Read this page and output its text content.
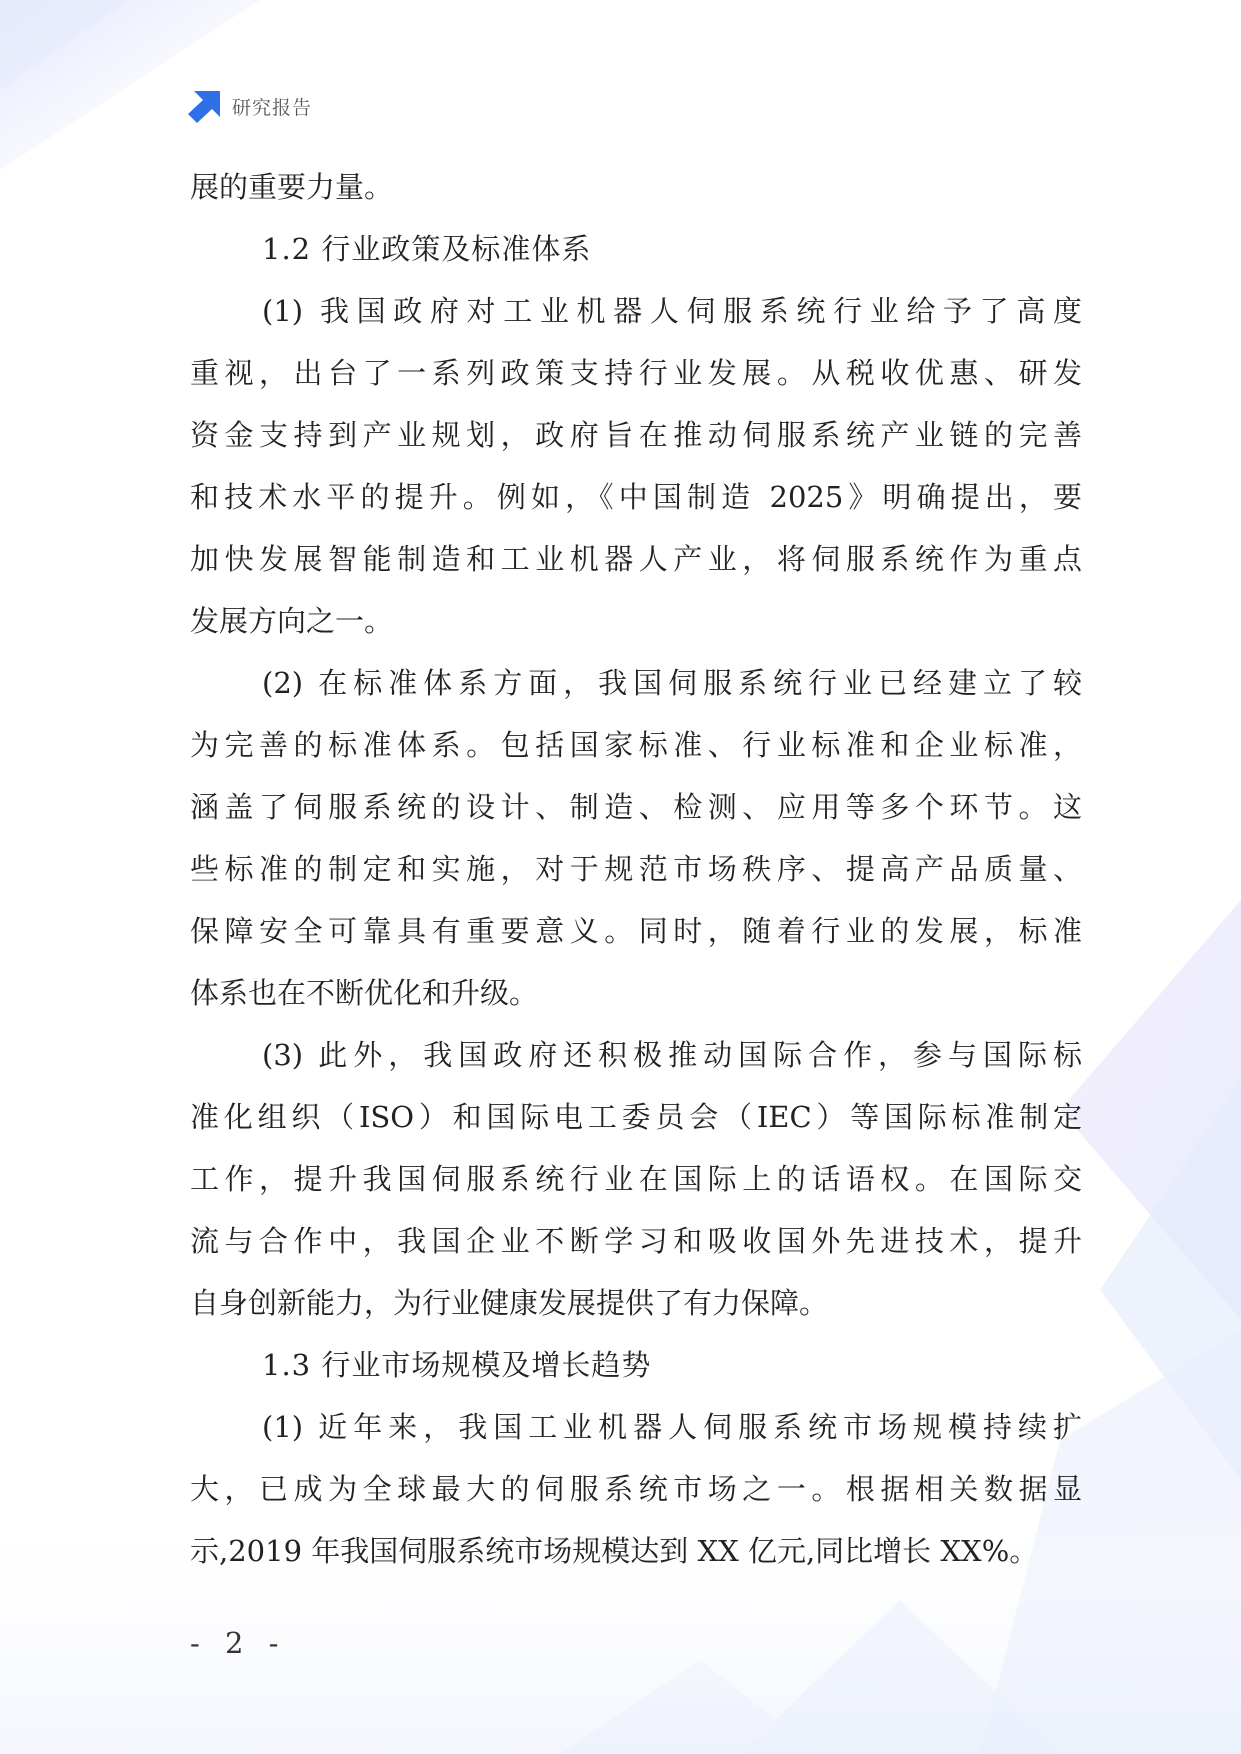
研究报告
展的重要力量。
1.2 行业政策及标准体系
(1) 我国政府对工业机器人伺服系统行业给予了高度
重视，出台了一系列政策支持行业发展。从税收优惠、研发
资金支持到产业规划，政府旨在推动伺服系统产业链的完善
和技术水平的提升。例如，《中国制造 2025》明确提出，要
加快发展智能制造和工业机器人产业，将伺服系统作为重点
发展方向之一。
(2) 在标准体系方面，我国伺服系统行业已经建立了较
为完善的标准体系。包括国家标准、行业标准和企业标准，
涵盖了伺服系统的设计、制造、检测、应用等多个环节。这
些标准的制定和实施，对于规范市场秩序、提高产品质量、
保障安全可靠具有重要意义。同时，随着行业的发展，标准
体系也在不断优化和升级。
(3) 此外，我国政府还积极推动国际合作，参与国际标
准化组织（ISO）和国际电工委员会（IEC）等国际标准制定
工作，提升我国伺服系统行业在国际上的话语权。在国际交
流与合作中，我国企业不断学习和吸收国外先进技术，提升
自身创新能力，为行业健康发展提供了有力保障。
1.3 行业市场规模及增长趋势
(1) 近年来，我国工业机器人伺服系统市场规模持续扩
大，已成为全球最大的伺服系统市场之一。根据相关数据显
示,2019 年我国伺服系统市场规模达到 XX 亿元,同比增长 XX%。
- 2 -
